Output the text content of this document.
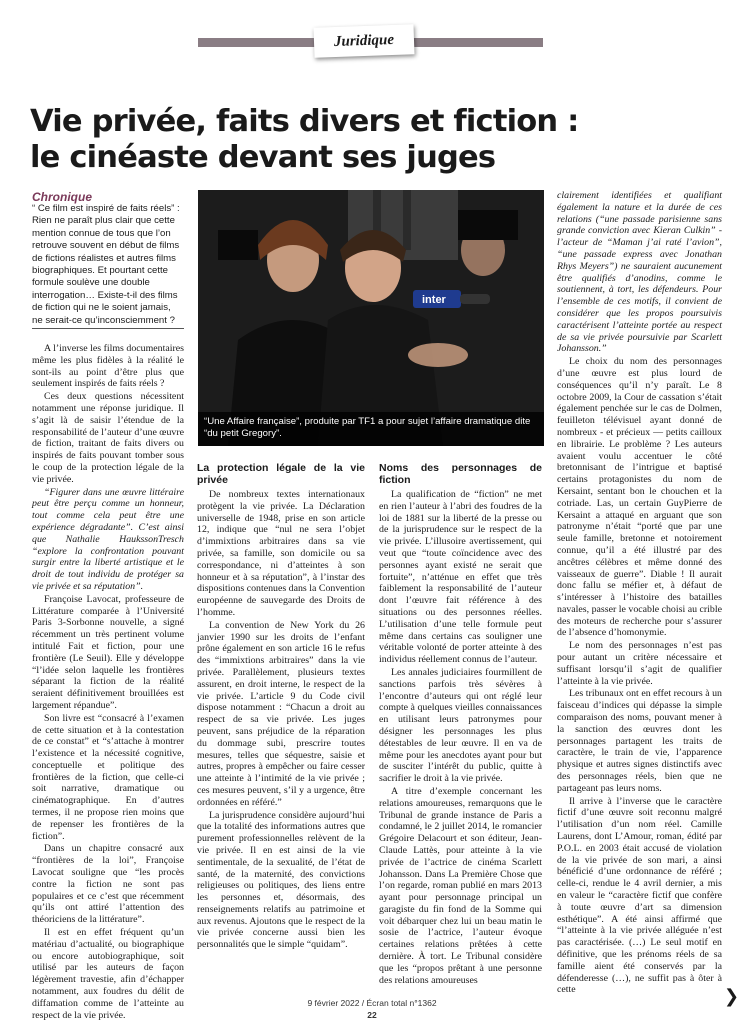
Juridique
Vie privée, faits divers et fiction :
le cinéaste devant ses juges
Chronique

“ Ce film est inspiré de faits réels” : Rien ne paraît plus clair que cette mention connue de tous que l’on retrouve souvent en début de films de fictions réalistes et autres films biographiques. Et pourtant cette formule soulève une double interrogation… Existe-t-il des films de fiction qui ne le soient jamais, ne serait-ce qu’inconsciemment ?

A l’inverse les films documentaires même les plus fidèles à la réalité le sont-ils au point d’être plus que seulement inspirés de faits réels ?

Ces deux questions nécessitent notamment une réponse juridique. Il s’agit là de saisir l’étendue de la responsabilité de l’auteur d’une œuvre de fiction, traitant de faits divers ou inspirés de faits pouvant tomber sous le coup de la protection légale de la vie privée.

“Figurer dans une œuvre littéraire peut être perçu comme un honneur, tout comme cela peut être une expérience dégradante”. C’est ainsi que Nathalie HaukssonTresch “explore la confrontation pouvant surgir entre la liberté artistique et le droit de tout individu de protéger sa vie privée et sa réputation”.

Françoise Lavocat, professeure de Littérature comparée à l’Université Paris 3-Sorbonne nouvelle, a signé récemment un très pertinent volume intitulé Fait et fiction, pour une frontière (Le Seuil). Elle y développe “l’idée selon laquelle les frontières séparant la fiction de la réalité seraient définitivement brouillées est largement répandue”.

Son livre est “consacré à l’examen de cette situation et à la contestation de ce constat” et “s’attache à montrer l’existence et la nécessité cognitive, conceptuelle et politique des frontières de la fiction, que celle-ci soit narrative, dramatique ou cinématographique. En d’autres termes, il ne propose rien moins que de repenser les frontières de la fiction”.

Dans un chapitre consacré aux “frontières de la loi”, Françoise Lavocat souligne que “les procès contre la fiction ne sont pas populaires et ce c’est que récemment qu’ils ont attiré l’attention des théoriciens de la littérature”.

Il est en effet fréquent qu’un matériau d’actualité, ou biographique ou encore autobiographique, soit utilisé par les auteurs de façon légèrement travestie, afin d’échapper notamment, aux foudres du délit de diffamation comme de l’atteinte au respect de la vie privée.

inter
“Une Affaire française”, produite par TF1 a pour sujet l’affaire dramatique dite “du petit Gregory”.
La protection légale de la vie privée

De nombreux textes internationaux protègent la vie privée. La Déclaration universelle de 1948, prise en son article 12, indique que “nul ne sera l’objet d’immixtions arbitraires dans sa vie privée, sa famille, son domicile ou sa correspondance, ni d’atteintes à son honneur et à sa réputation”, à l’instar des dispositions contenues dans la Convention européenne de sauvegarde des Droits de l’homme.

La convention de New York du 26 janvier 1990 sur les droits de l’enfant prône également en son article 16 le refus des “immixtions arbitraires” dans la vie privée. Parallèlement, plusieurs textes assurent, en droit interne, le respect de la vie privée. L’article 9 du Code civil dispose notamment : “Chacun a droit au respect de sa vie privée. Les juges peuvent, sans préjudice de la réparation du dommage subi, prescrire toutes mesures, telles que séquestre, saisie et autres, propres à empêcher ou faire cesser une atteinte à l’intimité de la vie privée ; ces mesures peuvent, s’il y a urgence, être ordonnées en référé.”

La jurisprudence considère aujourd’hui que la totalité des informations autres que purement professionnelles relèvent de la vie privée. Il en est ainsi de la vie sentimentale, de la sexualité, de l’état de santé, de la maternité, des convictions religieuses ou politiques, des liens entre les personnes et, désormais, des renseignements relatifs au patrimoine et aux revenus. Ajoutons que le respect de la vie privée concerne aussi bien les personnalités que le simple “quidam”.

Noms des personnages de fiction

La qualification de “fiction” ne met en rien l’auteur à l’abri des foudres de la loi de 1881 sur la liberté de la presse ou de la jurisprudence sur le respect de la vie privée. L’illusoire avertissement, qui veut que “toute coïncidence avec des personnes ayant existé ne serait que fortuite”, n’atténue en effet que très faiblement la responsabilité de l’auteur dont l’œuvre fait référence à des situations ou des personnes réelles. L’utilisation d’une telle formule peut même dans certains cas souligner une véritable volonté de porter atteinte à des individus réellement connus de l’auteur.

Les annales judiciaires fourmillent de sanctions parfois très sévères à l’encontre d’auteurs qui ont réglé leur compte à quelques vieilles connaissances en utilisant leurs patronymes pour désigner les personnages les plus détestables de leur œuvre. Il en va de même pour les anecdotes ayant pour but de susciter l’intérêt du public, quitte à sacrifier le droit à la vie privée.

A titre d’exemple concernant les relations amoureuses, remarquons que le Tribunal de grande instance de Paris a condamné, le 2 juillet 2014, le romancier Grégoire Delacourt et son éditeur, Jean-Claude Lattès, pour atteinte à la vie privée de l’actrice de cinéma Scarlett Johansson. Dans La Première Chose que l’on regarde, roman publié en mars 2013 ayant pour personnage principal un garagiste du fin fond de la Somme qui voit débarquer chez lui un beau matin le sosie de l’actrice, l’auteur évoque certaines relations prêtées à cette dernière. À tort. Le Tribunal considère que les “propos prêtant à une personne des relations amoureuses

clairement identifiées et qualifiant également la nature et la durée de ces relations (“une passade parisienne sans grande conviction avec Kieran Culkin” - l’acteur de “Maman j’ai raté l’avion”, “une passade express avec Jonathan Rhys Meyers”) ne sauraient aucunement être qualifiés d’anodins, comme le soutiennent, à tort, les défendeurs. Pour l’ensemble de ces motifs, il convient de considérer que les propos poursuivis caractérisent l’atteinte portée au respect de sa vie privée poursuivie par Scarlett Johansson.”

Le choix du nom des personnages d’une œuvre est plus lourd de conséquences qu’il n’y paraît. Le 8 octobre 2009, la Cour de cassation s’était également penchée sur le cas de Dolmen, feuilleton télévisuel ayant donné de nombreux - et précieux — petits cailloux en librairie. Le problème ? Les auteurs avaient voulu accentuer le côté bretonnisant de l’intrigue et baptisé certains protagonistes du nom de Kersaint, sentant bon le chouchen et la cotriade. Las, un certain GuyPierre de Kersaint a attaqué en arguant que son patronyme n’était “porté que par une seule famille, bretonne et notoirement connue, qu’il a été illustré par des ancêtres célèbres et même donné des vaisseaux de guerre”. Diable ! Il aurait donc fallu se méfier et, à défaut de s’intéresser à l’histoire des batailles navales, passer le vocable choisi au crible des moteurs de recherche pour s’assurer de l’absence d’homonymie.

Le nom des personnages n’est pas pour autant un critère nécessaire et suffisant lorsqu’il s’agit de qualifier l’atteinte à la vie privée.

Les tribunaux ont en effet recours à un faisceau d’indices qui dépasse la simple comparaison des noms, pouvant mener à la sanction des œuvres dont les personnages partagent les traits de caractère, le train de vie, l’apparence physique et autres signes distinctifs avec des personnages réels, bien que ne partageant pas leurs noms.

Il arrive à l’inverse que le caractère fictif d’une œuvre soit reconnu malgré l’utilisation d’un nom réel. Camille Laurens, dont L’Amour, roman, édité par P.O.L. en 2003 était accusé de violation de la vie privée de son mari, a ainsi bénéficié d’une ordonnance de référé ; celle-ci, rendue le 4 avril dernier, a mis en valeur le “caractère fictif que confère à toute œuvre d’art sa dimension esthétique”. A été ainsi affirmé que “l’atteinte à la vie privée alléguée n’est pas caractérisée. (…) Le seul motif en définitive, que les prénoms réels de sa famille aient été conservés par la défenderesse (…), ne suffit pas à ôter à cette	❯
9 février 2022 / Écran total n°1362
22
